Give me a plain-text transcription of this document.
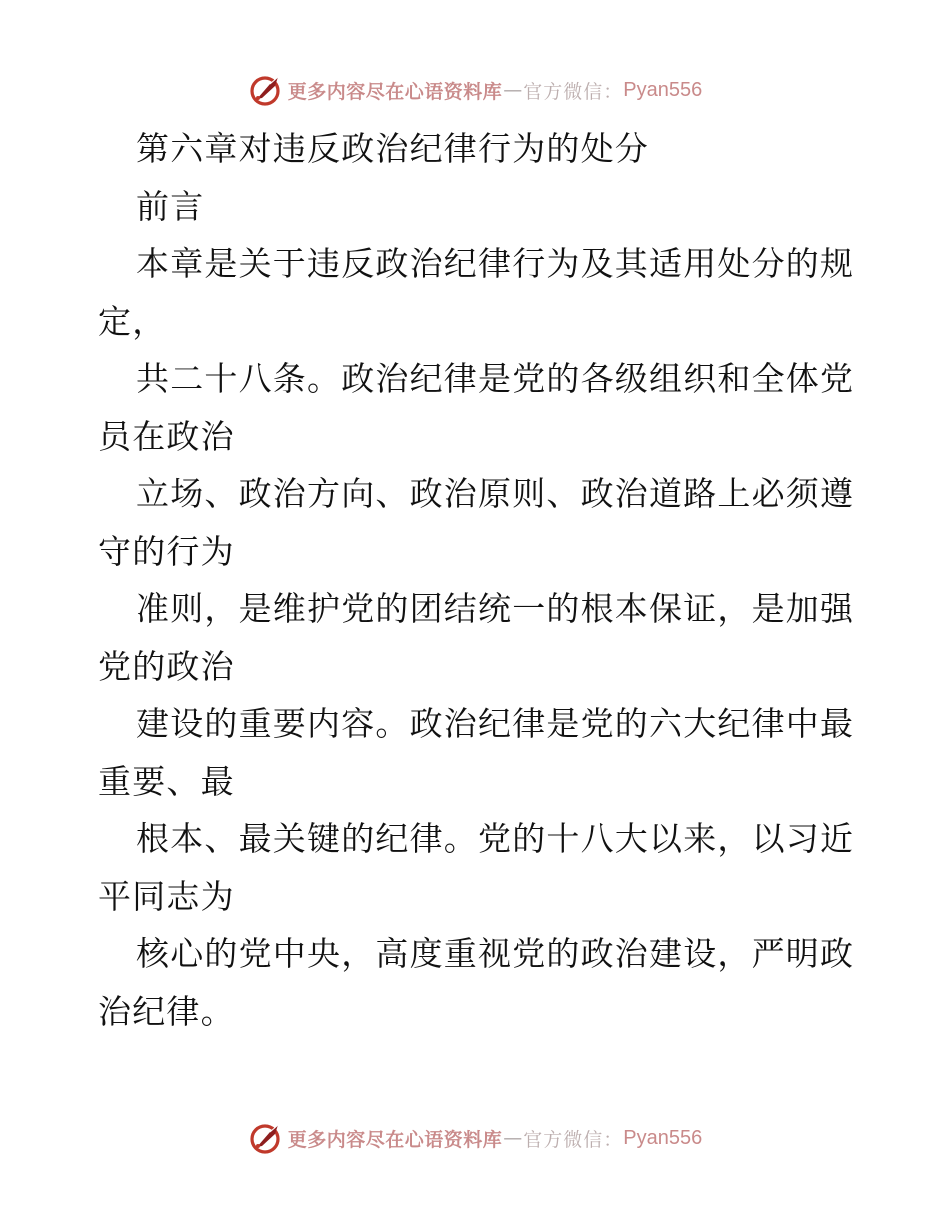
更多内容尽在心语资料库 — 官方微信： Pyan556
第六章对违反政治纪律行为的处分
前言
本章是关于违反政治纪律行为及其适用处分的规
定，
共二十八条。政治纪律是党的各级组织和全体党
员在政治
立场、政治方向、政治原则、政治道路上必须遵
守的行为
准则，是维护党的团结统一的根本保证，是加强
党的政治
建设的重要内容。政治纪律是党的六大纪律中最
重要、最
根本、最关键的纪律。党的十八大以来，以习近
平同志为
核心的党中央，高度重视党的政治建设，严明政
治纪律。
更多内容尽在心语资料库 — 官方微信： Pyan556
